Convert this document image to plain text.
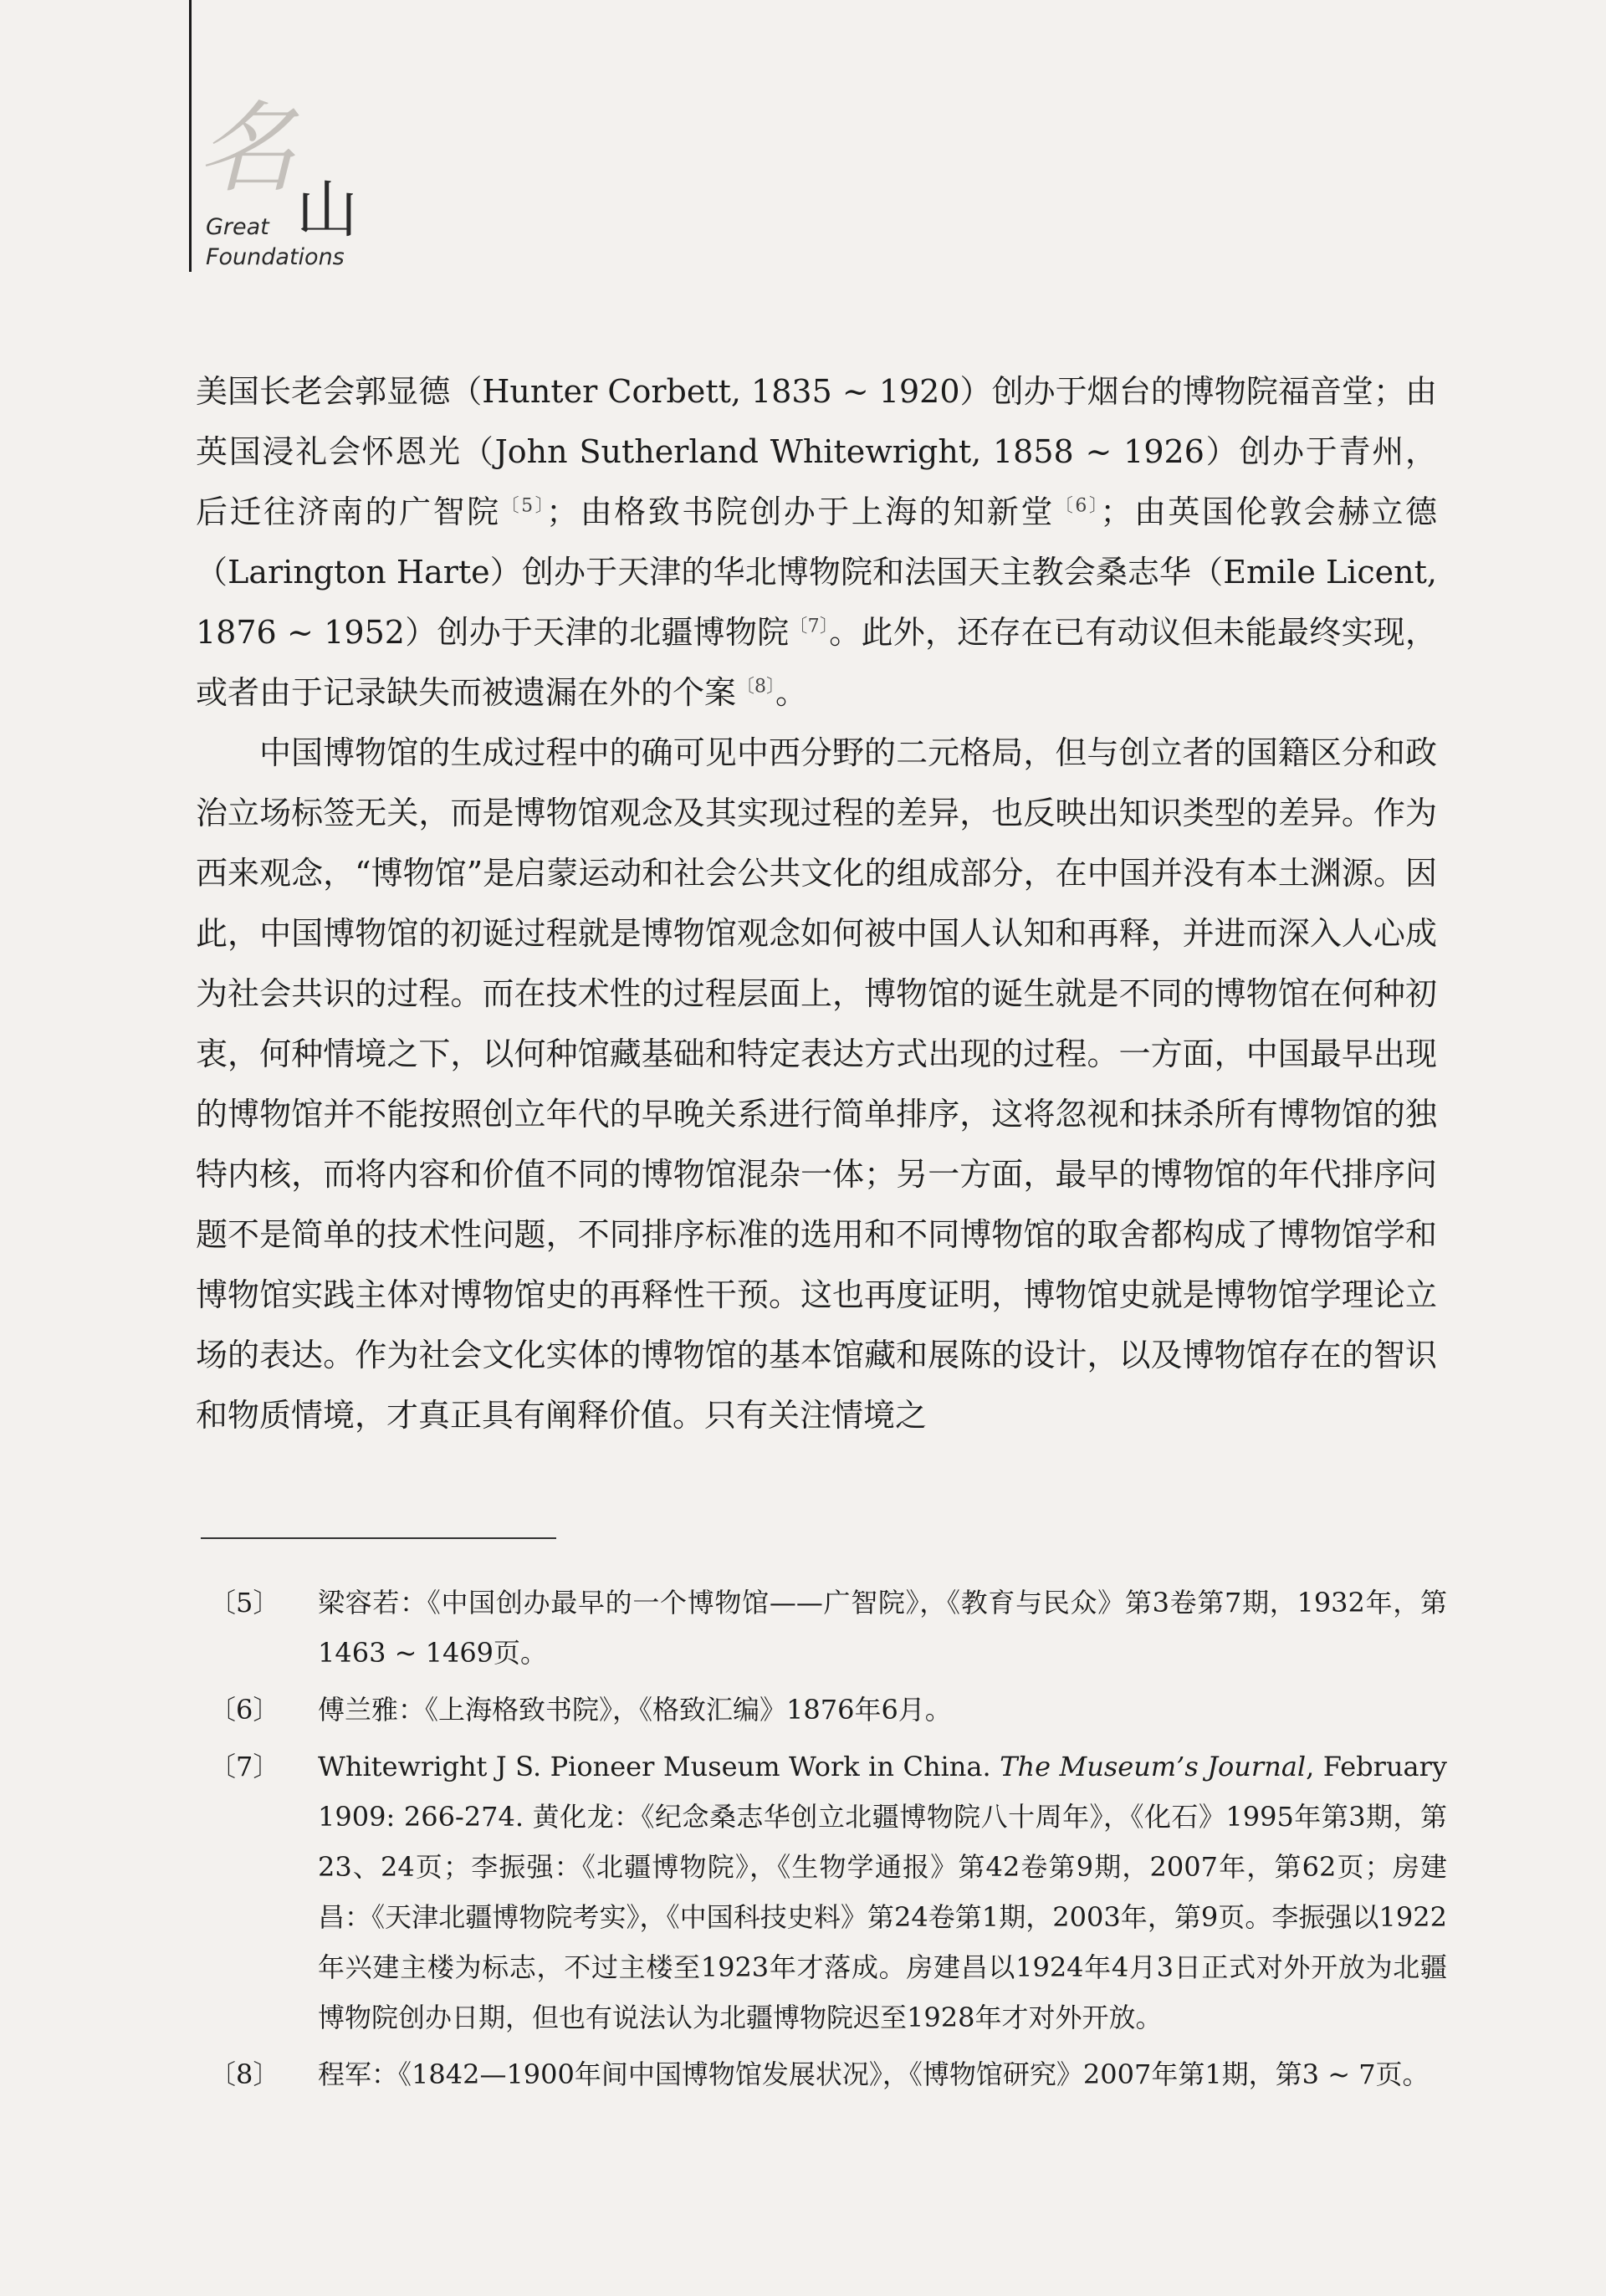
名
山
Great
Foundations

美国长老会郭显德（Hunter Corbett, 1835 ~ 1920）创办于烟台的博物院福音堂；由英国浸礼会怀恩光（John Sutherland Whitewright, 1858 ~ 1926）创办于青州，后迁往济南的广智院$^{〔5〕}$；由格致书院创办于上海的知新堂$^{〔6〕}$；由英国伦敦会赫立德（Larington Harte）创办于天津的华北博物院和法国天主教会桑志华（Emile Licent, 1876 ~ 1952）创办于天津的北疆博物院$^{〔7〕}$。此外，还存在已有动议但未能最终实现，或者由于记录缺失而被遗漏在外的个案$^{〔8〕}$。

中国博物馆的生成过程中的确可见中西分野的二元格局，但与创立者的国籍区分和政治立场标签无关，而是博物馆观念及其实现过程的差异，也反映出知识类型的差异。作为西来观念，“博物馆”是启蒙运动和社会公共文化的组成部分，在中国并没有本土渊源。因此，中国博物馆的初诞过程就是博物馆观念如何被中国人认知和再释，并进而深入人心成为社会共识的过程。而在技术性的过程层面上，博物馆的诞生就是不同的博物馆在何种初衷，何种情境之下，以何种馆藏基础和特定表达方式出现的过程。一方面，中国最早出现的博物馆并不能按照创立年代的早晚关系进行简单排序，这将忽视和抹杀所有博物馆的独特内核，而将内容和价值不同的博物馆混杂一体；另一方面，最早的博物馆的年代排序问题不是简单的技术性问题，不同排序标准的选用和不同博物馆的取舍都构成了博物馆学和博物馆实践主体对博物馆史的再释性干预。这也再度证明，博物馆史就是博物馆学理论立场的表达。作为社会文化实体的博物馆的基本馆藏和展陈的设计，以及博物馆存在的智识和物质情境，才真正具有阐释价值。只有关注情境之

〔5〕	梁容若：《中国创办最早的一个博物馆——广智院》，《教育与民众》第3卷第7期，1932年，第1463 ~ 1469页。
〔6〕	傅兰雅：《上海格致书院》，《格致汇编》1876年6月。
〔7〕	Whitewright J S. Pioneer Museum Work in China. The Museum’s Journal, February 1909: 266-274. 黄化龙：《纪念桑志华创立北疆博物院八十周年》，《化石》1995年第3期，第23、24页；李振强：《北疆博物院》，《生物学通报》第42卷第9期，2007年，第62页；房建昌：《天津北疆博物院考实》，《中国科技史料》第24卷第1期，2003年，第9页。李振强以1922年兴建主楼为标志，不过主楼至1923年才落成。房建昌以1924年4月3日正式对外开放为北疆博物院创办日期，但也有说法认为北疆博物院迟至1928年才对外开放。
〔8〕	程军：《1842—1900年间中国博物馆发展状况》，《博物馆研究》2007年第1期，第3 ~ 7页。
